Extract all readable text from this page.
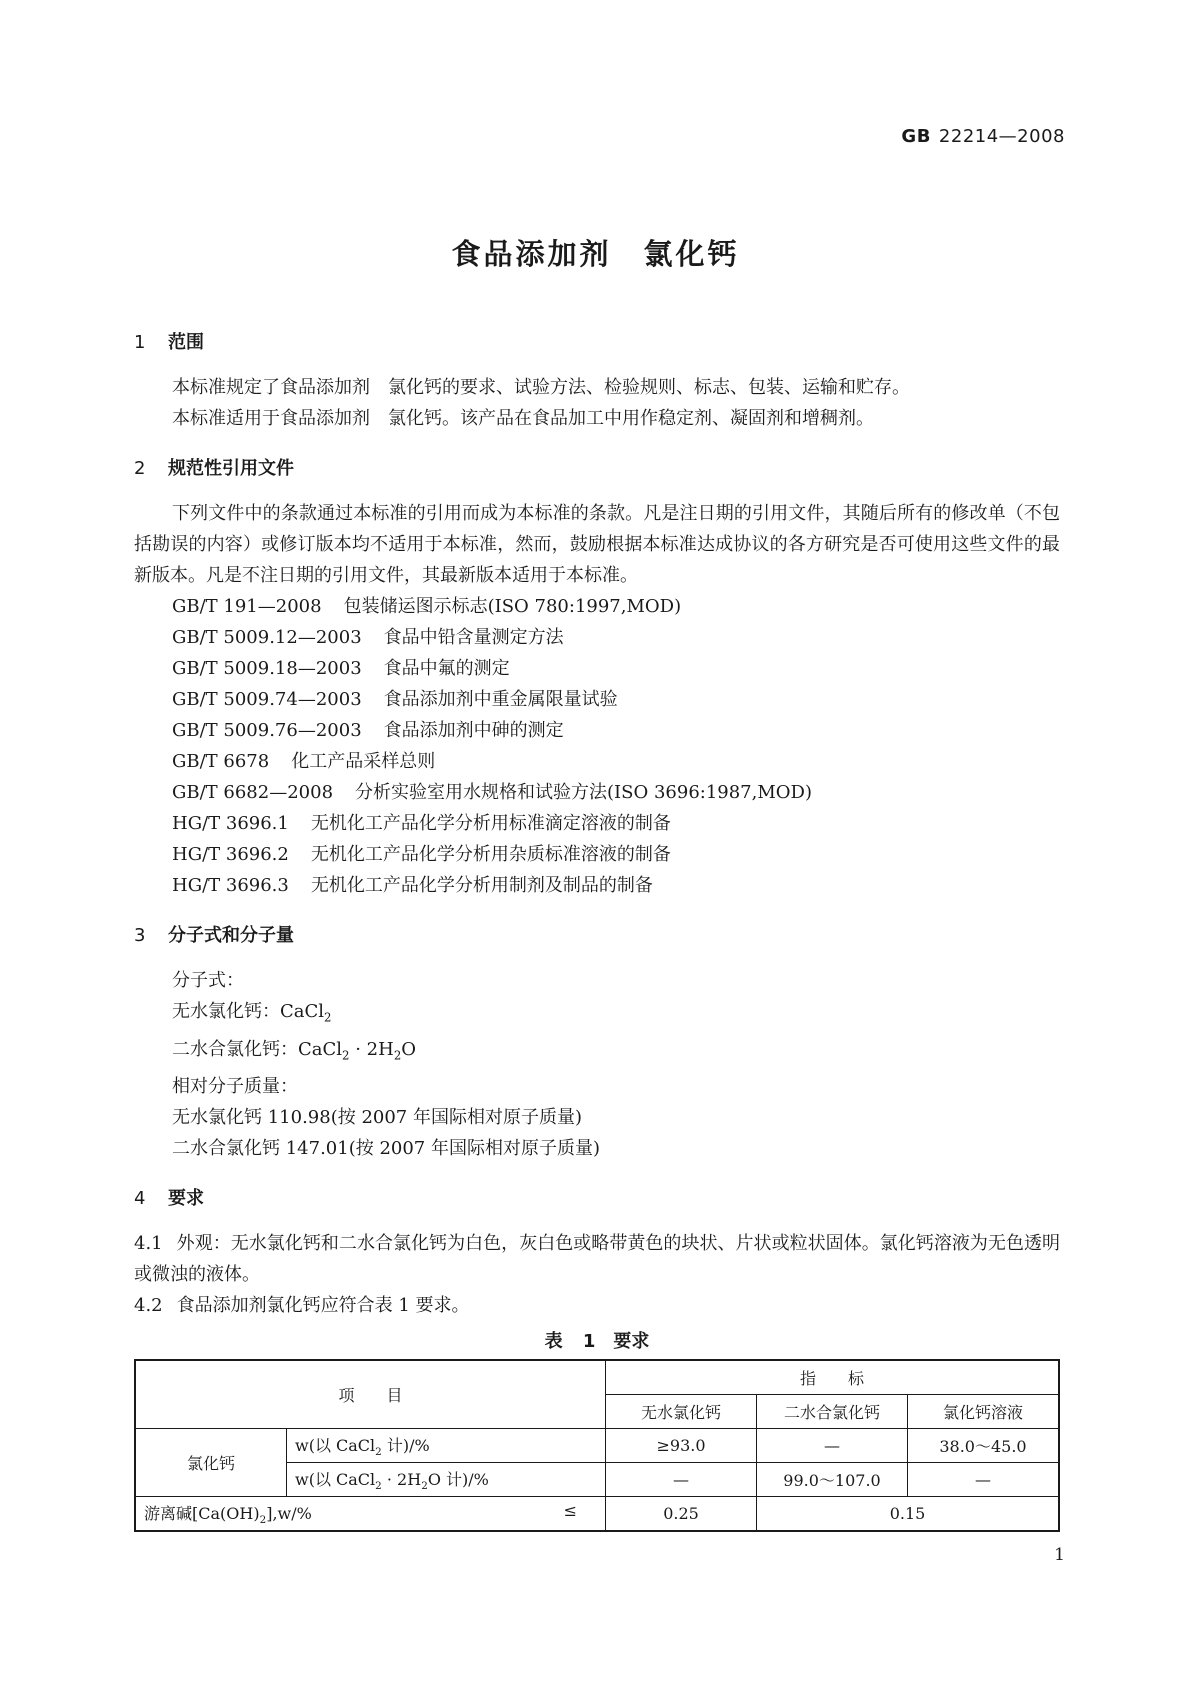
GB 22214—2008
食品添加剂　氯化钙
1 范围

本标准规定了食品添加剂　氯化钙的要求、试验方法、检验规则、标志、包装、运输和贮存。

本标准适用于食品添加剂　氯化钙。该产品在食品加工中用作稳定剂、凝固剂和增稠剂。

2 规范性引用文件

下列文件中的条款通过本标准的引用而成为本标准的条款。凡是注日期的引用文件，其随后所有的修改单（不包括勘误的内容）或修订版本均不适用于本标准，然而，鼓励根据本标准达成协议的各方研究是否可使用这些文件的最新版本。凡是不注日期的引用文件，其最新版本适用于本标准。

GB/T 191—2008 包装储运图示标志(ISO 780:1997,MOD)

GB/T 5009.12—2003 食品中铅含量测定方法

GB/T 5009.18—2003 食品中氟的测定

GB/T 5009.74—2003 食品添加剂中重金属限量试验

GB/T 5009.76—2003 食品添加剂中砷的测定

GB/T 6678 化工产品采样总则

GB/T 6682—2008 分析实验室用水规格和试验方法(ISO 3696:1987,MOD)

HG/T 3696.1 无机化工产品化学分析用标准滴定溶液的制备

HG/T 3696.2 无机化工产品化学分析用杂质标准溶液的制备

HG/T 3696.3 无机化工产品化学分析用制剂及制品的制备

3 分子式和分子量

分子式：

无水氯化钙：CaCl$_2$

二水合氯化钙：CaCl$_2$ · $2H_2O$

相对分子质量：

无水氯化钙 110.98(按 2007 年国际相对原子质量)

二水合氯化钙 147.01(按 2007 年国际相对原子质量)

4 要求

4.1 外观：无水氯化钙和二水合氯化钙为白色，灰白色或略带黄色的块状、片状或粒状固体。氯化钙溶液为无色透明或微浊的液体。

4.2 食品添加剂氯化钙应符合表 1 要求。

表 1　要求
项　　目		指　　标		
		无水氯化钙	二水合氯化钙	氯化钙溶液
氯化钙	w(以 CaCl$_2$ 计)/%	≥93.0	—	38.0～45.0
	w(以 CaCl$_2$ · $2H_2O$ 计)/%	—	99.0～107.0	—
游离碱$[Ca(OH)_2],w/\%$ ≤		0.25	0.15	
1
